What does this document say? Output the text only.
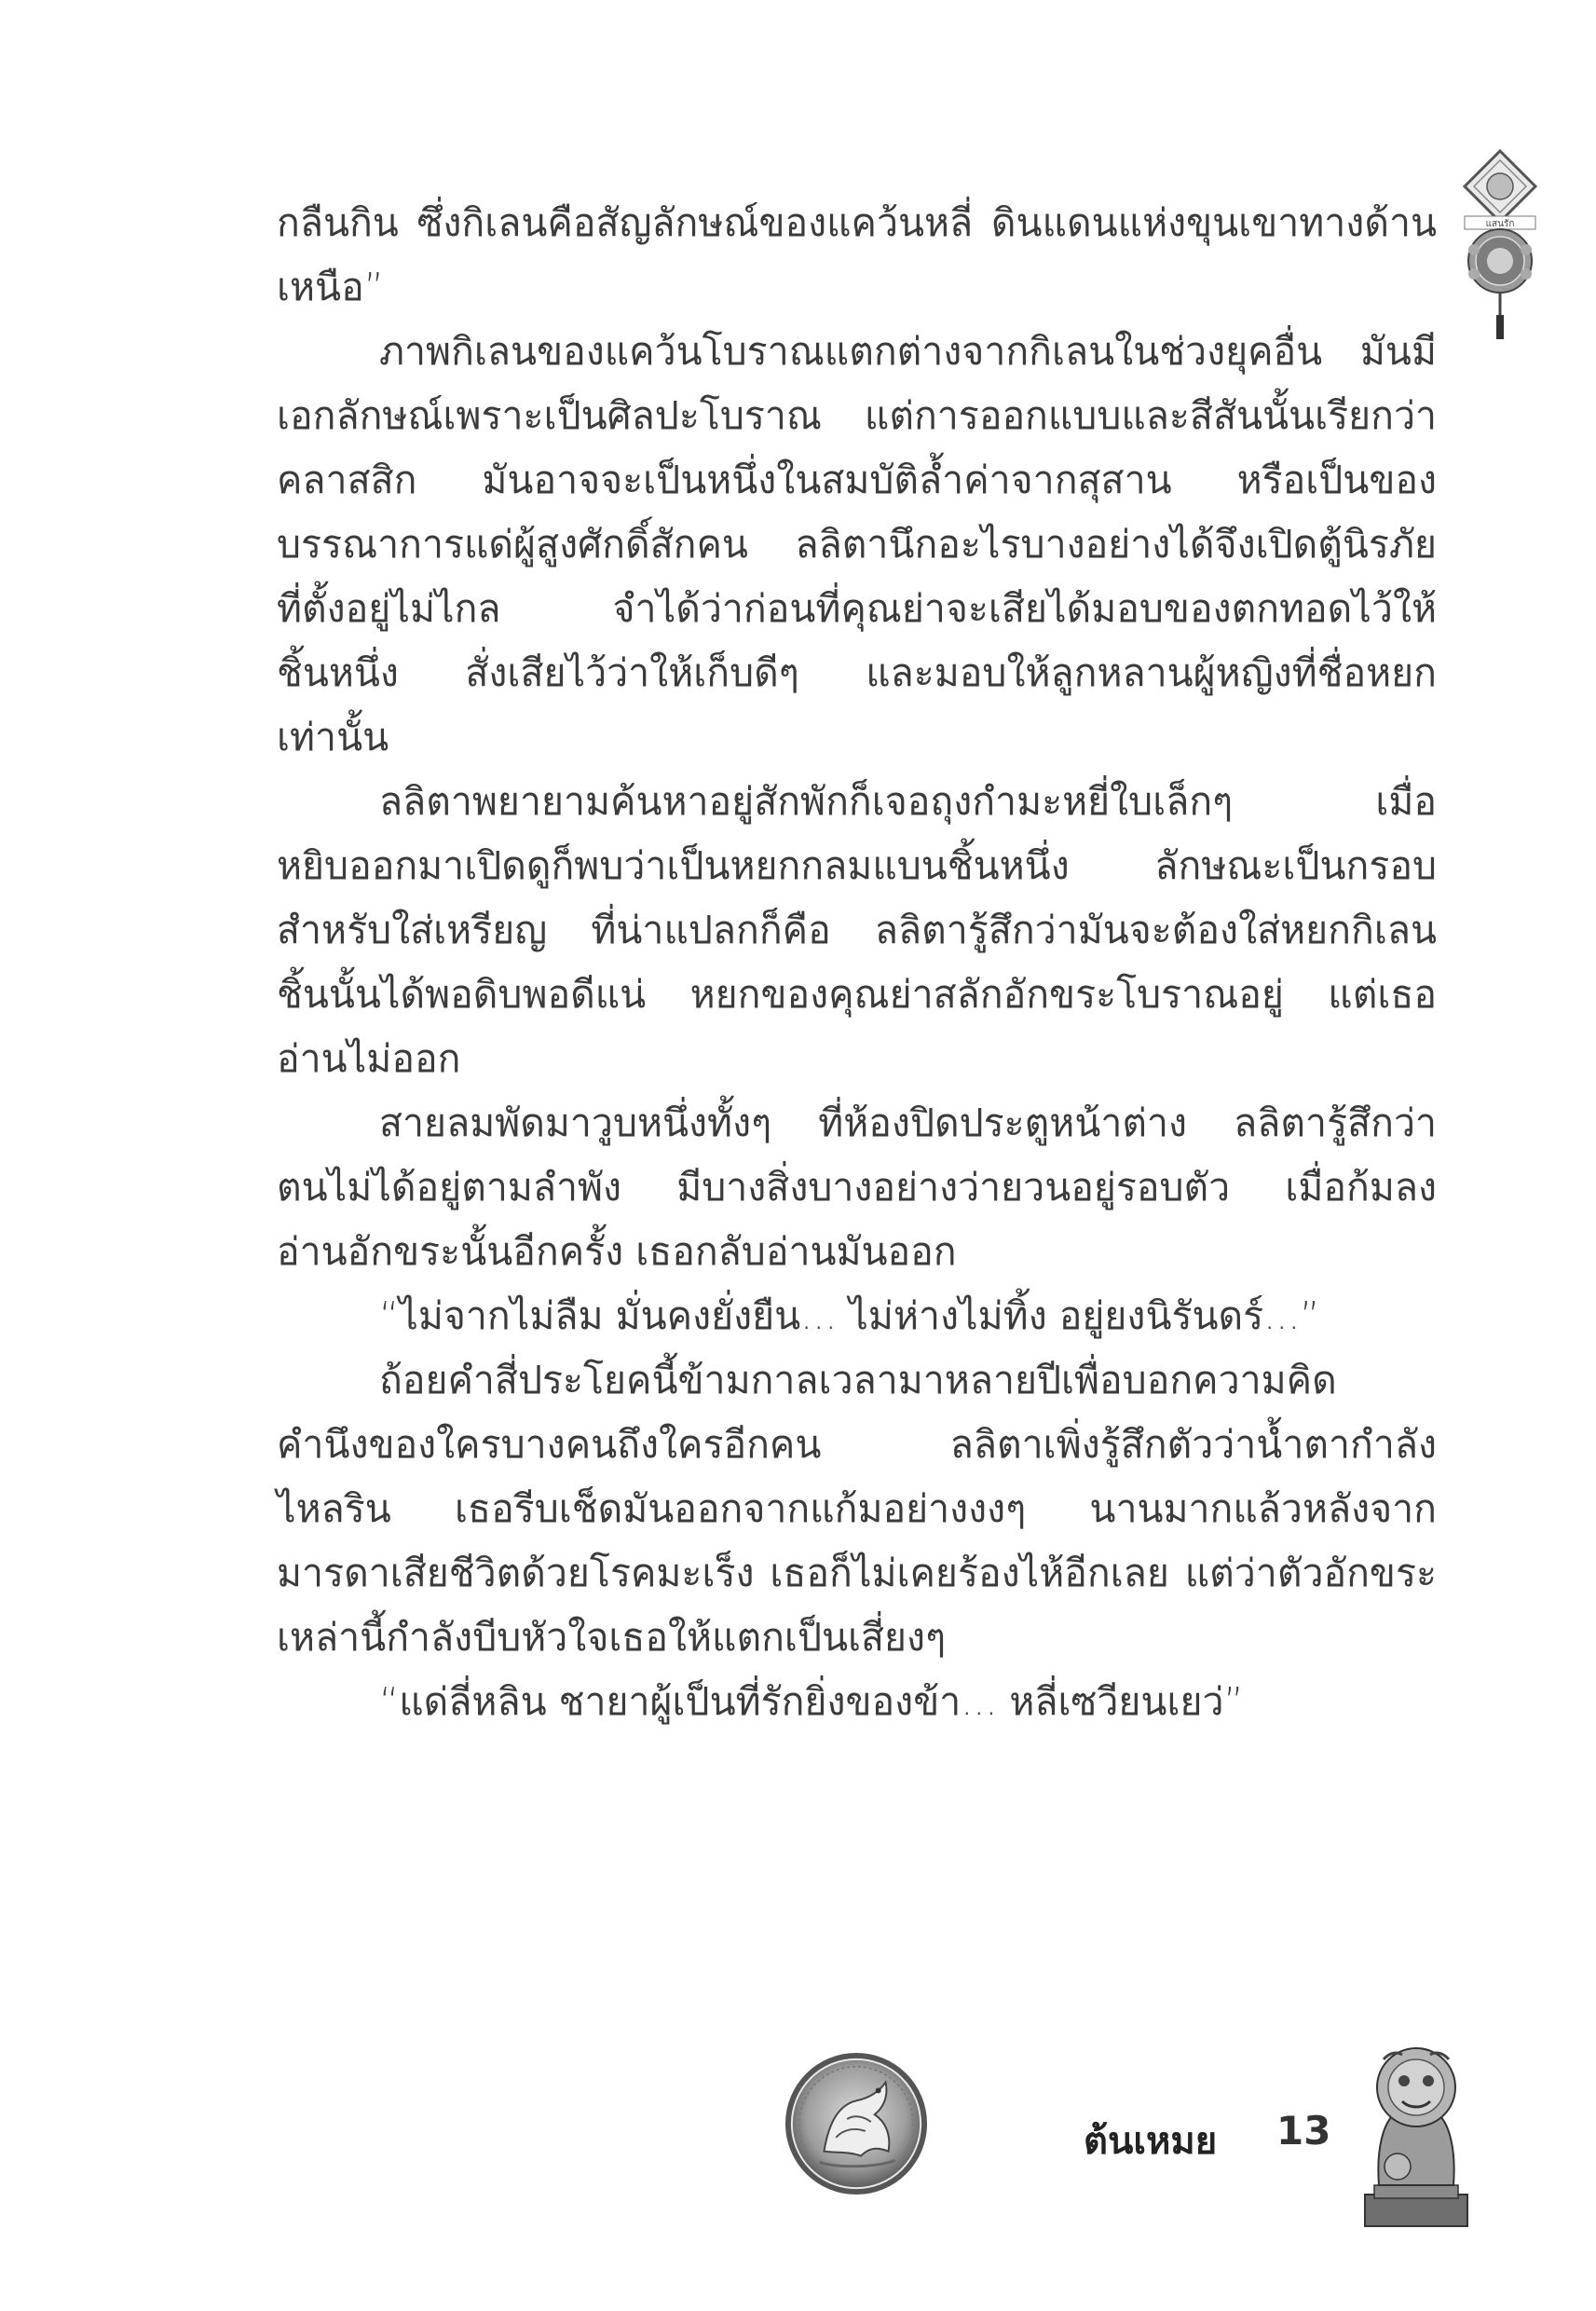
แสนรัก
กลืนกิน ซึ่งกิเลนคือสัญลักษณ์ของแคว้นหลี่ ดินแดนแห่งขุนเขาทางด้าน
เหนือ”
ภาพกิเลนของแคว้นโบราณแตกต่างจากกิเลนในช่วงยุคอื่น มันมี
เอกลักษณ์เพราะเป็นศิลปะโบราณ แต่การออกแบบและสีสันนั้นเรียกว่า
คลาสสิก มันอาจจะเป็นหนึ่งในสมบัติล้ำค่าจากสุสาน หรือเป็นของ
บรรณาการแด่ผู้สูงศักดิ์สักคน ลลิตานึกอะไรบางอย่างได้จึงเปิดตู้นิรภัย
ที่ตั้งอยู่ไม่ไกล จำได้ว่าก่อนที่คุณย่าจะเสียได้มอบของตกทอดไว้ให้
ชิ้นหนึ่ง สั่งเสียไว้ว่าให้เก็บดีๆ และมอบให้ลูกหลานผู้หญิงที่ชื่อหยก
เท่านั้น
ลลิตาพยายามค้นหาอยู่สักพักก็เจอถุงกำมะหยี่ใบเล็กๆ เมื่อ
หยิบออกมาเปิดดูก็พบว่าเป็นหยกกลมแบนชิ้นหนึ่ง ลักษณะเป็นกรอบ
สำหรับใส่เหรียญ ที่น่าแปลกก็คือ ลลิตารู้สึกว่ามันจะต้องใส่หยกกิเลน
ชิ้นนั้นได้พอดิบพอดีแน่ หยกของคุณย่าสลักอักขระโบราณอยู่ แต่เธอ
อ่านไม่ออก
สายลมพัดมาวูบหนึ่งทั้งๆ ที่ห้องปิดประตูหน้าต่าง ลลิตารู้สึกว่า
ตนไม่ได้อยู่ตามลำพัง มีบางสิ่งบางอย่างว่ายวนอยู่รอบตัว เมื่อก้มลง
อ่านอักขระนั้นอีกครั้ง เธอกลับอ่านมันออก
“ไม่จากไม่ลืม มั่นคงยั่งยืน... ไม่ห่างไม่ทิ้ง อยู่ยงนิรันดร์...”
ถ้อยคำสี่ประโยคนี้ข้ามกาลเวลามาหลายปีเพื่อบอกความคิด
คำนึงของใครบางคนถึงใครอีกคน ลลิตาเพิ่งรู้สึกตัวว่าน้ำตากำลัง
ไหลริน เธอรีบเช็ดมันออกจากแก้มอย่างงงๆ นานมากแล้วหลังจาก
มารดาเสียชีวิตด้วยโรคมะเร็ง เธอก็ไม่เคยร้องไห้อีกเลย แต่ว่าตัวอักขระ
เหล่านี้กำลังบีบหัวใจเธอให้แตกเป็นเสี่ยงๆ
“แด่ลี่หลิน ชายาผู้เป็นที่รักยิ่งของข้า... หลี่เซวียนเยว่”
ต้นเหมย 13
